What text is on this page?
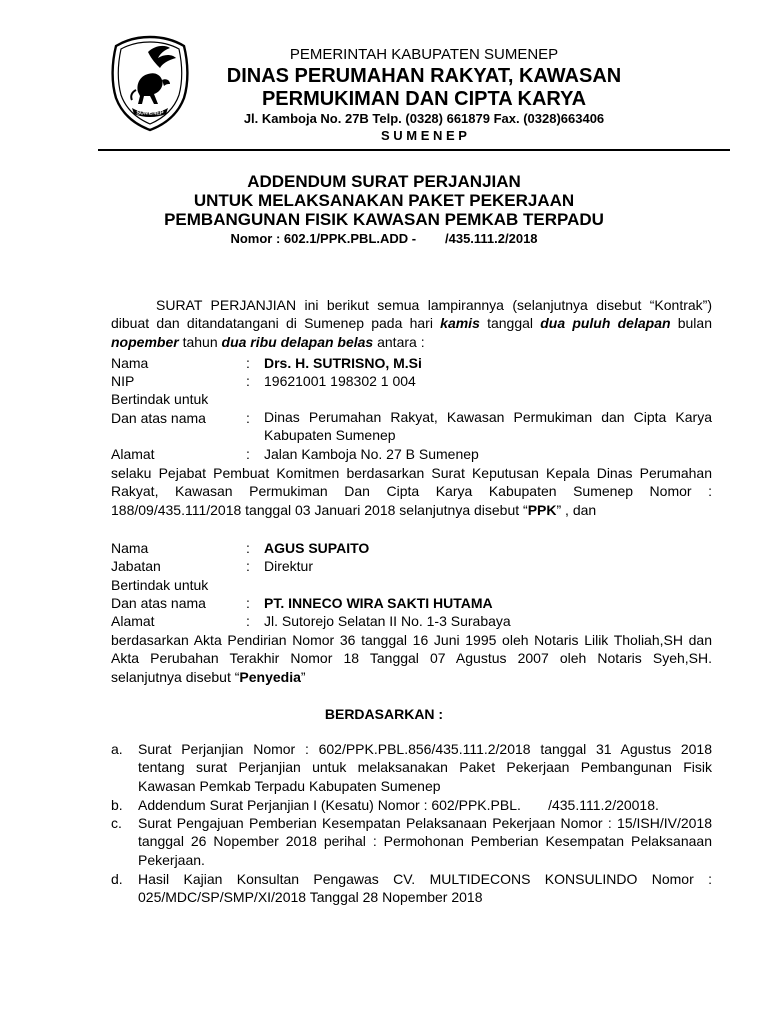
SUMENEP
PEMERINTAH KABUPATEN SUMENEP
DINAS PERUMAHAN RAKYAT, KAWASAN
PERMUKIMAN DAN CIPTA KARYA
Jl. Kamboja No. 27B Telp. (0328) 661879 Fax. (0328)663406
S U M E N E P
ADDENDUM SURAT PERJANJIAN
UNTUK MELAKSANAKAN PAKET PEKERJAAN
PEMBANGUNAN FISIK KAWASAN PEMKAB TERPADU
Nomor : 602.1/PPK.PBL.ADD -        /435.111.2/2018
SURAT PERJANJIAN ini berikut semua lampirannya (selanjutnya disebut “Kontrak”)
dibuat dan ditandatangani di Sumenep pada hari kamis tanggal dua puluh delapan bulan
nopember tahun dua ribu delapan belas antara :
Nama	: Drs. H. SUTRISNO, M.Si
NIP	: 19621001 198302 1 004
Bertindak untuk
Dan atas nama	: Dinas Perumahan Rakyat, Kawasan Permukiman dan Cipta Karya
Kabupaten Sumenep
Alamat	: Jalan Kamboja No. 27 B Sumenep
selaku Pejabat Pembuat Komitmen berdasarkan Surat Keputusan Kepala Dinas Perumahan
Rakyat, Kawasan Permukiman Dan Cipta Karya Kabupaten Sumenep Nomor :
188/09/435.111/2018 tanggal 03 Januari 2018 selanjutnya disebut “PPK” , dan
Nama	: AGUS SUPAITO
Jabatan	: Direktur
Bertindak untuk
Dan atas nama	: PT. INNECO WIRA SAKTI HUTAMA
Alamat	: Jl. Sutorejo Selatan II No. 1-3 Surabaya
berdasarkan Akta Pendirian Nomor 36 tanggal 16 Juni 1995 oleh Notaris Lilik Tholiah,SH dan
Akta Perubahan Terakhir Nomor 18 Tanggal 07 Agustus 2007 oleh Notaris Syeh,SH.
selanjutnya disebut “Penyedia”
BERDASARKAN :
a. Surat Perjanjian Nomor : 602/PPK.PBL.856/435.111.2/2018 tanggal 31 Agustus 2018
tentang surat Perjanjian untuk melaksanakan Paket Pekerjaan Pembangunan Fisik
Kawasan Pemkab Terpadu Kabupaten Sumenep
b. Addendum Surat Perjanjian I (Kesatu) Nomor : 602/PPK.PBL.       /435.111.2/20018.
c. Surat Pengajuan Pemberian Kesempatan Pelaksanaan Pekerjaan Nomor : 15/ISH/IV/2018
tanggal 26 Nopember 2018 perihal : Permohonan Pemberian Kesempatan Pelaksanaan
Pekerjaan.
d. Hasil Kajian Konsultan Pengawas CV. MULTIDECONS KONSULINDO Nomor :
025/MDC/SP/SMP/XI/2018 Tanggal 28 Nopember 2018
